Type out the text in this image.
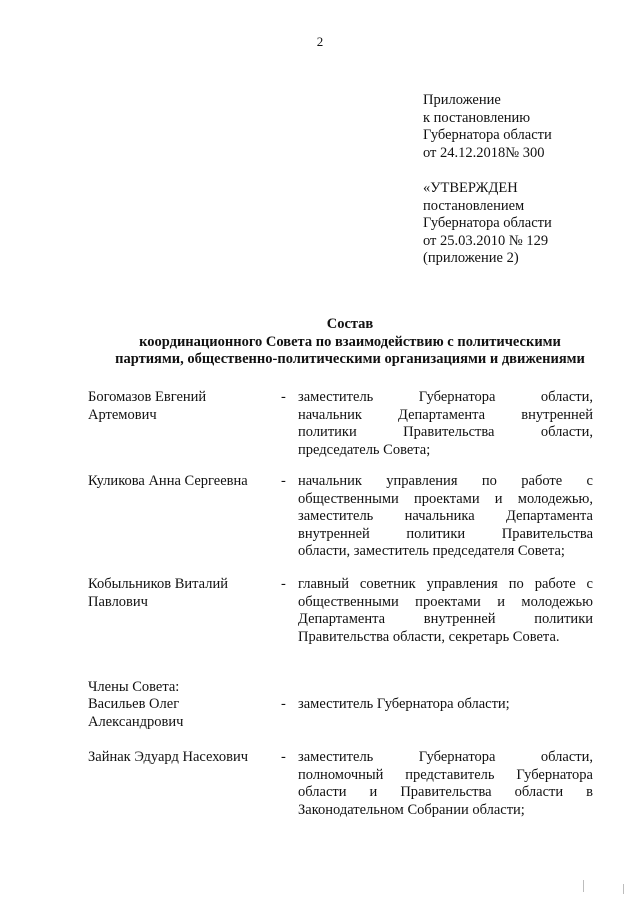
2
Приложение
к постановлению
Губернатора области
от 24.12.2018№ 300
«УТВЕРЖДЕН
постановлением
Губернатора области
от 25.03.2010 № 129
(приложение 2)
Состав
координационного Совета по взаимодействию с политическими
партиями, общественно-политическими организациями и движениями
Богомазов Евгений
Артемович
- заместитель Губернатора области,
начальник Департамента внутренней
политики Правительства области,
председатель Совета;
Куликова Анна Сергеевна	- начальник управления по работе с
общественными проектами и молодежью,
заместитель начальника Департамента
внутренней политики Правительства
области, заместитель председателя Совета;
Кобыльников Виталий
Павлович
- главный советник управления по работе с
общественными проектами и молодежью
Департамента внутренней политики
Правительства области, секретарь Совета.
Члены Совета:
Васильев Олег
Александрович
- заместитель Губернатора области;
Зайнак Эдуард Насехович	- заместитель Губернатора области,
полномочный представитель Губернатора
области и Правительства области в
Законодательном Собрании области;
